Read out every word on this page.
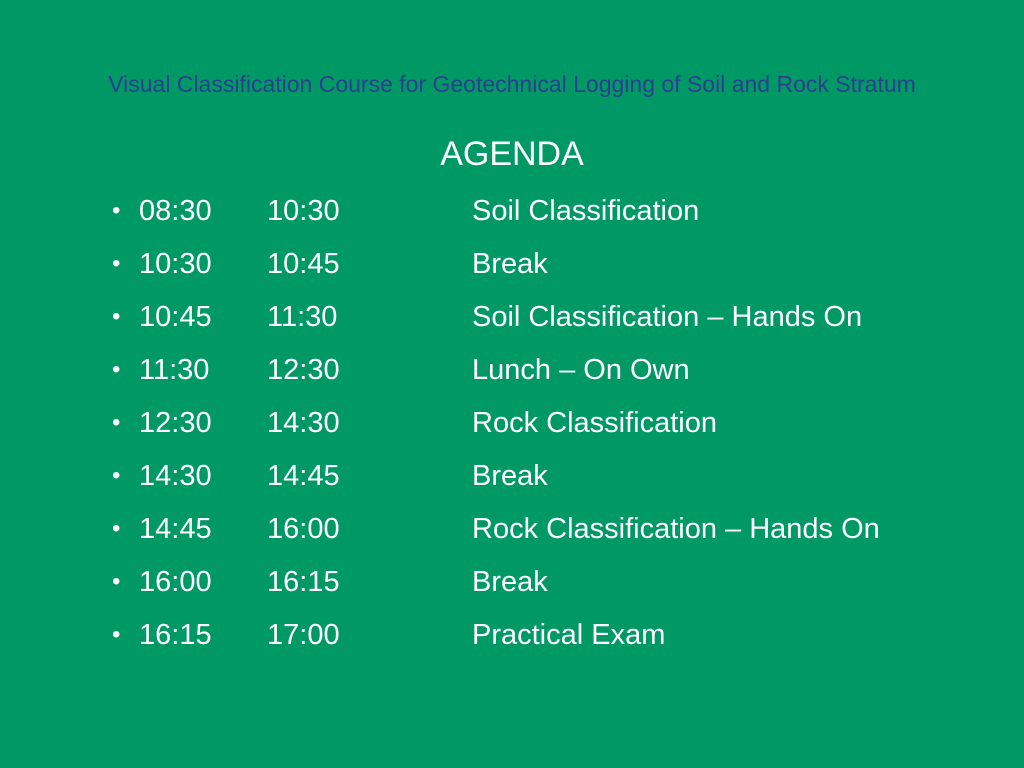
Visual Classification Course for Geotechnical Logging of Soil and Rock Stratum
AGENDA
• 08:30 10:30	Soil Classification
• 10:30 10:45	Break
• 10:45 11:30	Soil Classification – Hands On
• 11:30 12:30	Lunch – On Own
• 12:30 14:30	Rock Classification
• 14:30 14:45	Break
• 14:45 16:00	Rock Classification – Hands On
• 16:00 16:15	Break
• 16:15 17:00	Practical Exam
